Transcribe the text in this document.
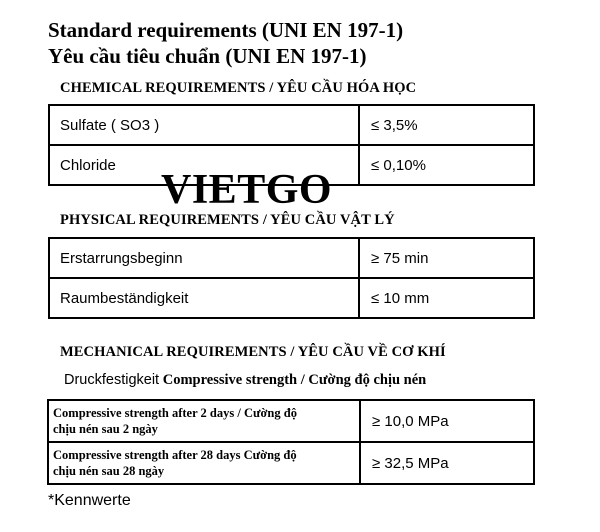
Standard requirements (UNI EN 197-1)
Yêu cầu tiêu chuẩn (UNI EN 197-1)
CHEMICAL REQUIREMENTS / YÊU CẦU HÓA HỌC
Sulfate ( SO3 )	≤ 3,5%
Chloride	≤ 0,10%
VIETGO
PHYSICAL REQUIREMENTS / YÊU CẦU VẬT LÝ
Erstarrungsbeginn	≥ 75 min
Raumbeständigkeit	≤ 10 mm
MECHANICAL REQUIREMENTS / YÊU CẦU VỀ CƠ KHÍ
Druckfestigkeit Compressive strength / Cường độ chịu nén
Compressive strength after 2 days / Cường độ
chịu nén sau 2 ngày	≥ 10,0 MPa

Compressive strength after 28 days Cường độ
chịu nén sau 28 ngày	≥ 32,5 MPa
*Kennwerte
